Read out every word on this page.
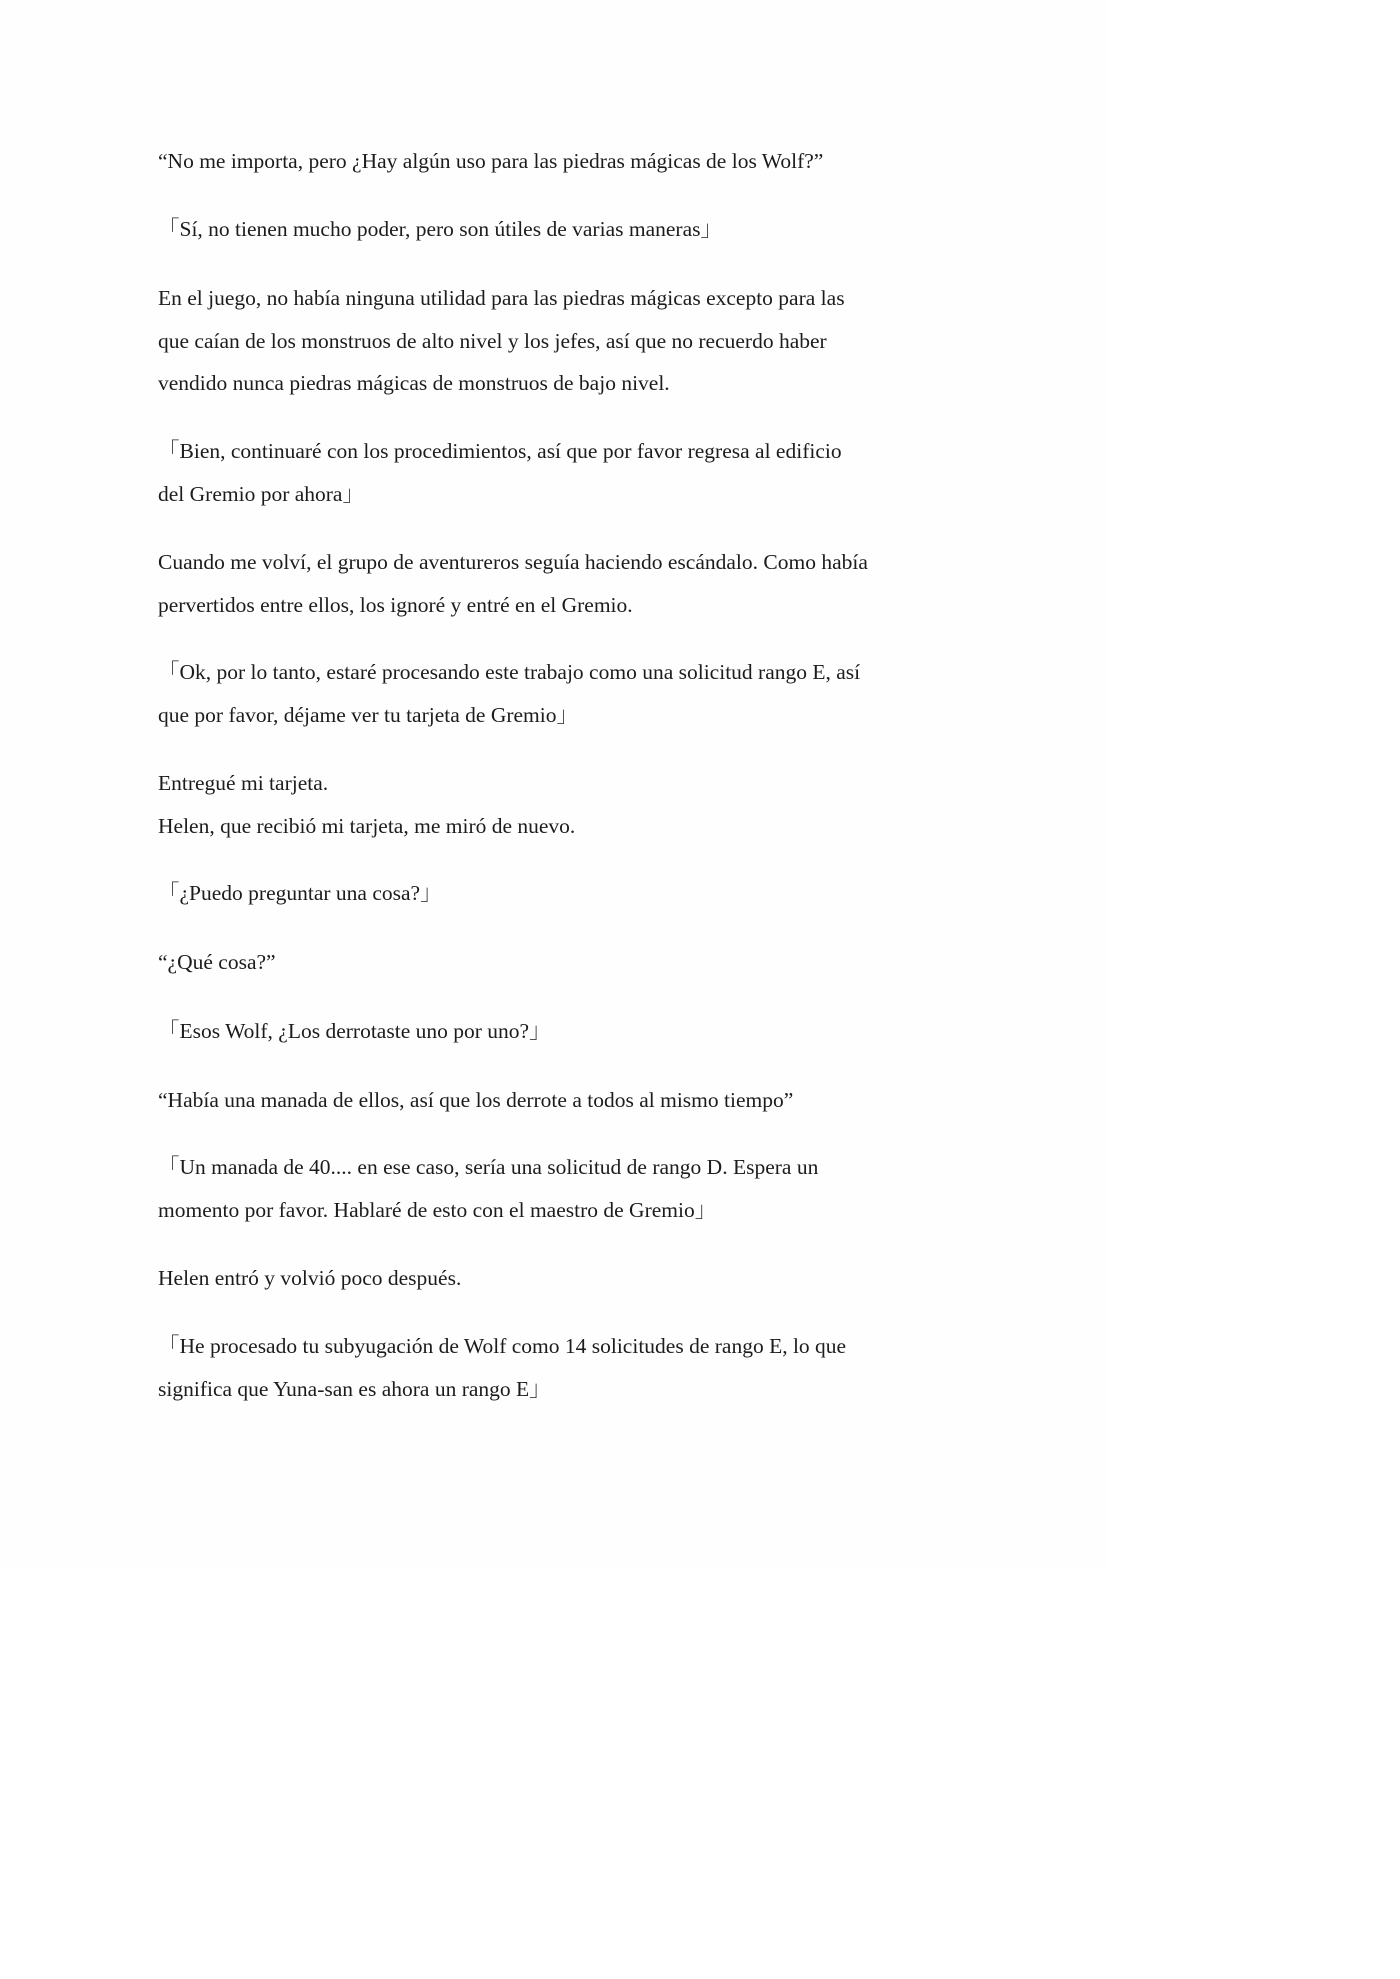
“No me importa, pero ¿Hay algún uso para las piedras mágicas de los Wolf?”

「Sí, no tienen mucho poder, pero son útiles de varias maneras」

En el juego, no había ninguna utilidad para las piedras mágicas excepto para las
que caían de los monstruos de alto nivel y los jefes, así que no recuerdo haber
vendido nunca piedras mágicas de monstruos de bajo nivel.

「Bien, continuaré con los procedimientos, así que por favor regresa al edificio
del Gremio por ahora」

Cuando me volví, el grupo de aventureros seguía haciendo escándalo. Como había
pervertidos entre ellos, los ignoré y entré en el Gremio.

「Ok, por lo tanto, estaré procesando este trabajo como una solicitud rango E, así
que por favor, déjame ver tu tarjeta de Gremio」

Entregué mi tarjeta.
Helen, que recibió mi tarjeta, me miró de nuevo.

「¿Puedo preguntar una cosa?」

“¿Qué cosa?”

「Esos Wolf, ¿Los derrotaste uno por uno?」

“Había una manada de ellos, así que los derrote a todos al mismo tiempo”

「Un manada de 40.... en ese caso, sería una solicitud de rango D. Espera un
momento por favor. Hablaré de esto con el maestro de Gremio」

Helen entró y volvió poco después.

「He procesado tu subyugación de Wolf como 14 solicitudes de rango E, lo que
significa que Yuna-san es ahora un rango E」
